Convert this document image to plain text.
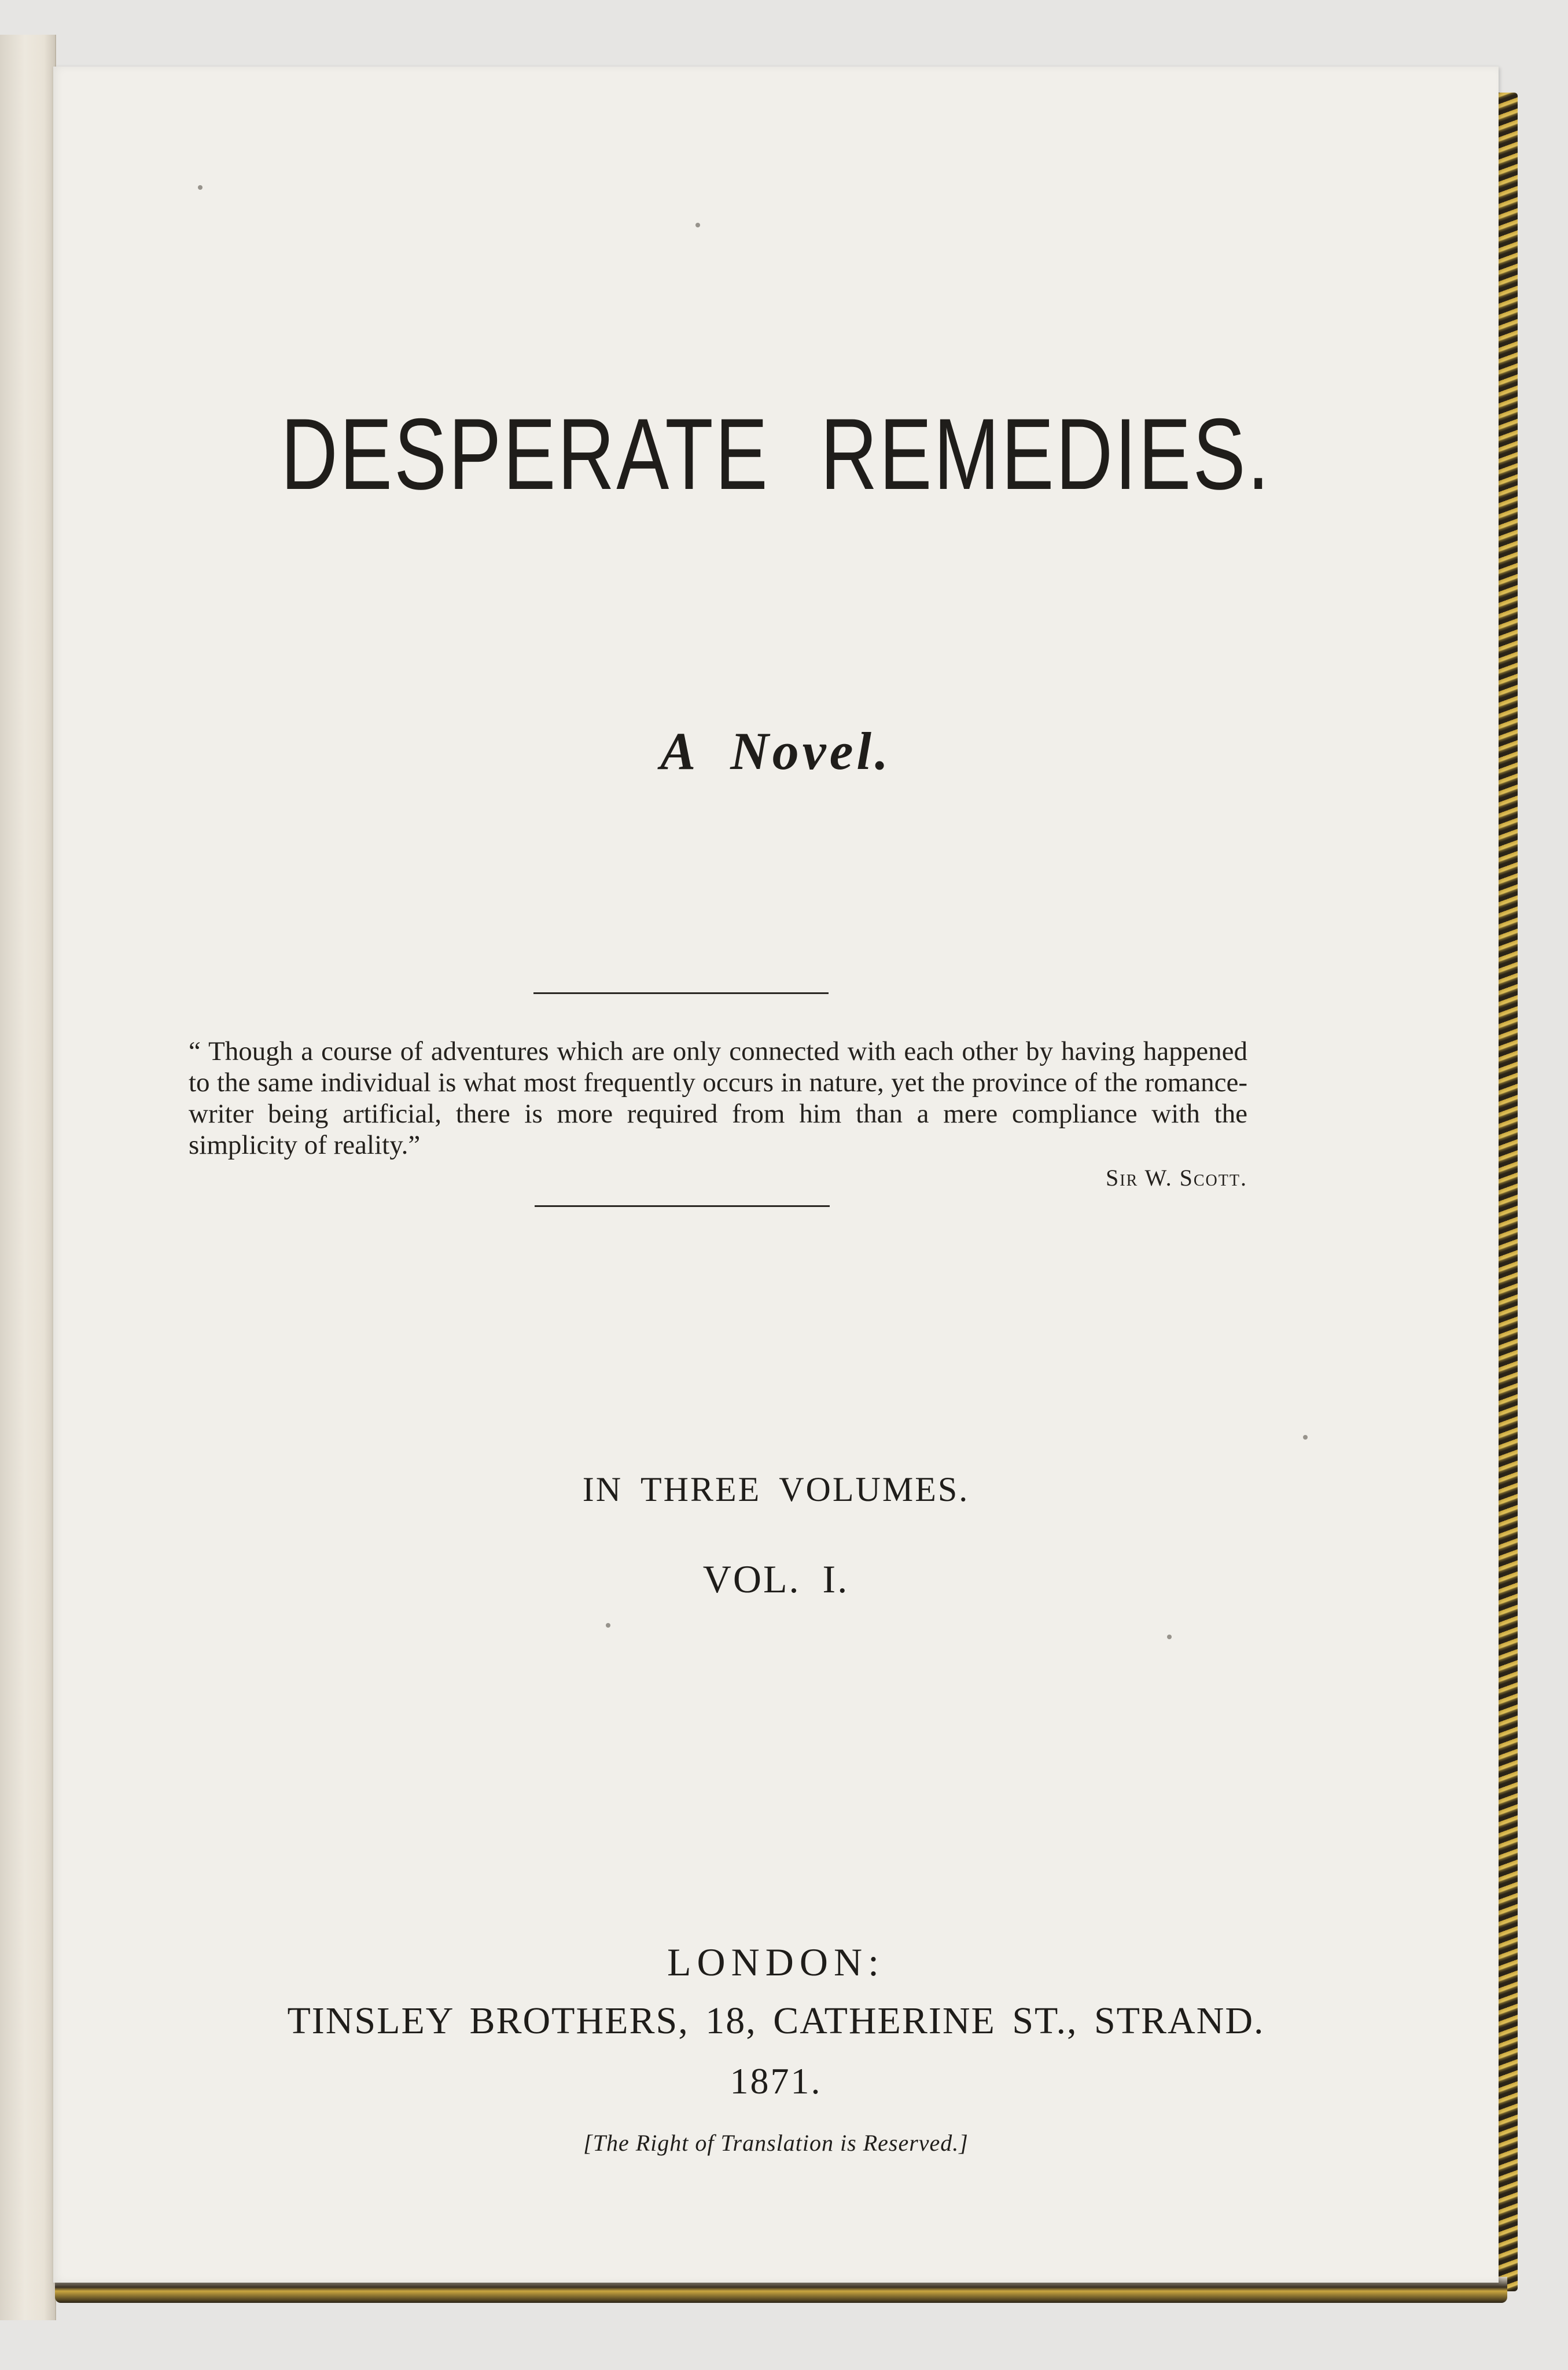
DESPERATE REMEDIES.
A Novel.
“ Though a course of adventures which are only connected with each other by having happened to the same individual is what most frequently occurs in nature, yet the province of the romance-writer being artificial, there is more required from him than a mere compliance with the simplicity of reality.”
Sir W. Scott.
IN THREE VOLUMES.
VOL. I.
LONDON:
TINSLEY BROTHERS, 18, CATHERINE ST., STRAND.
1871.
[The Right of Translation is Reserved.]
